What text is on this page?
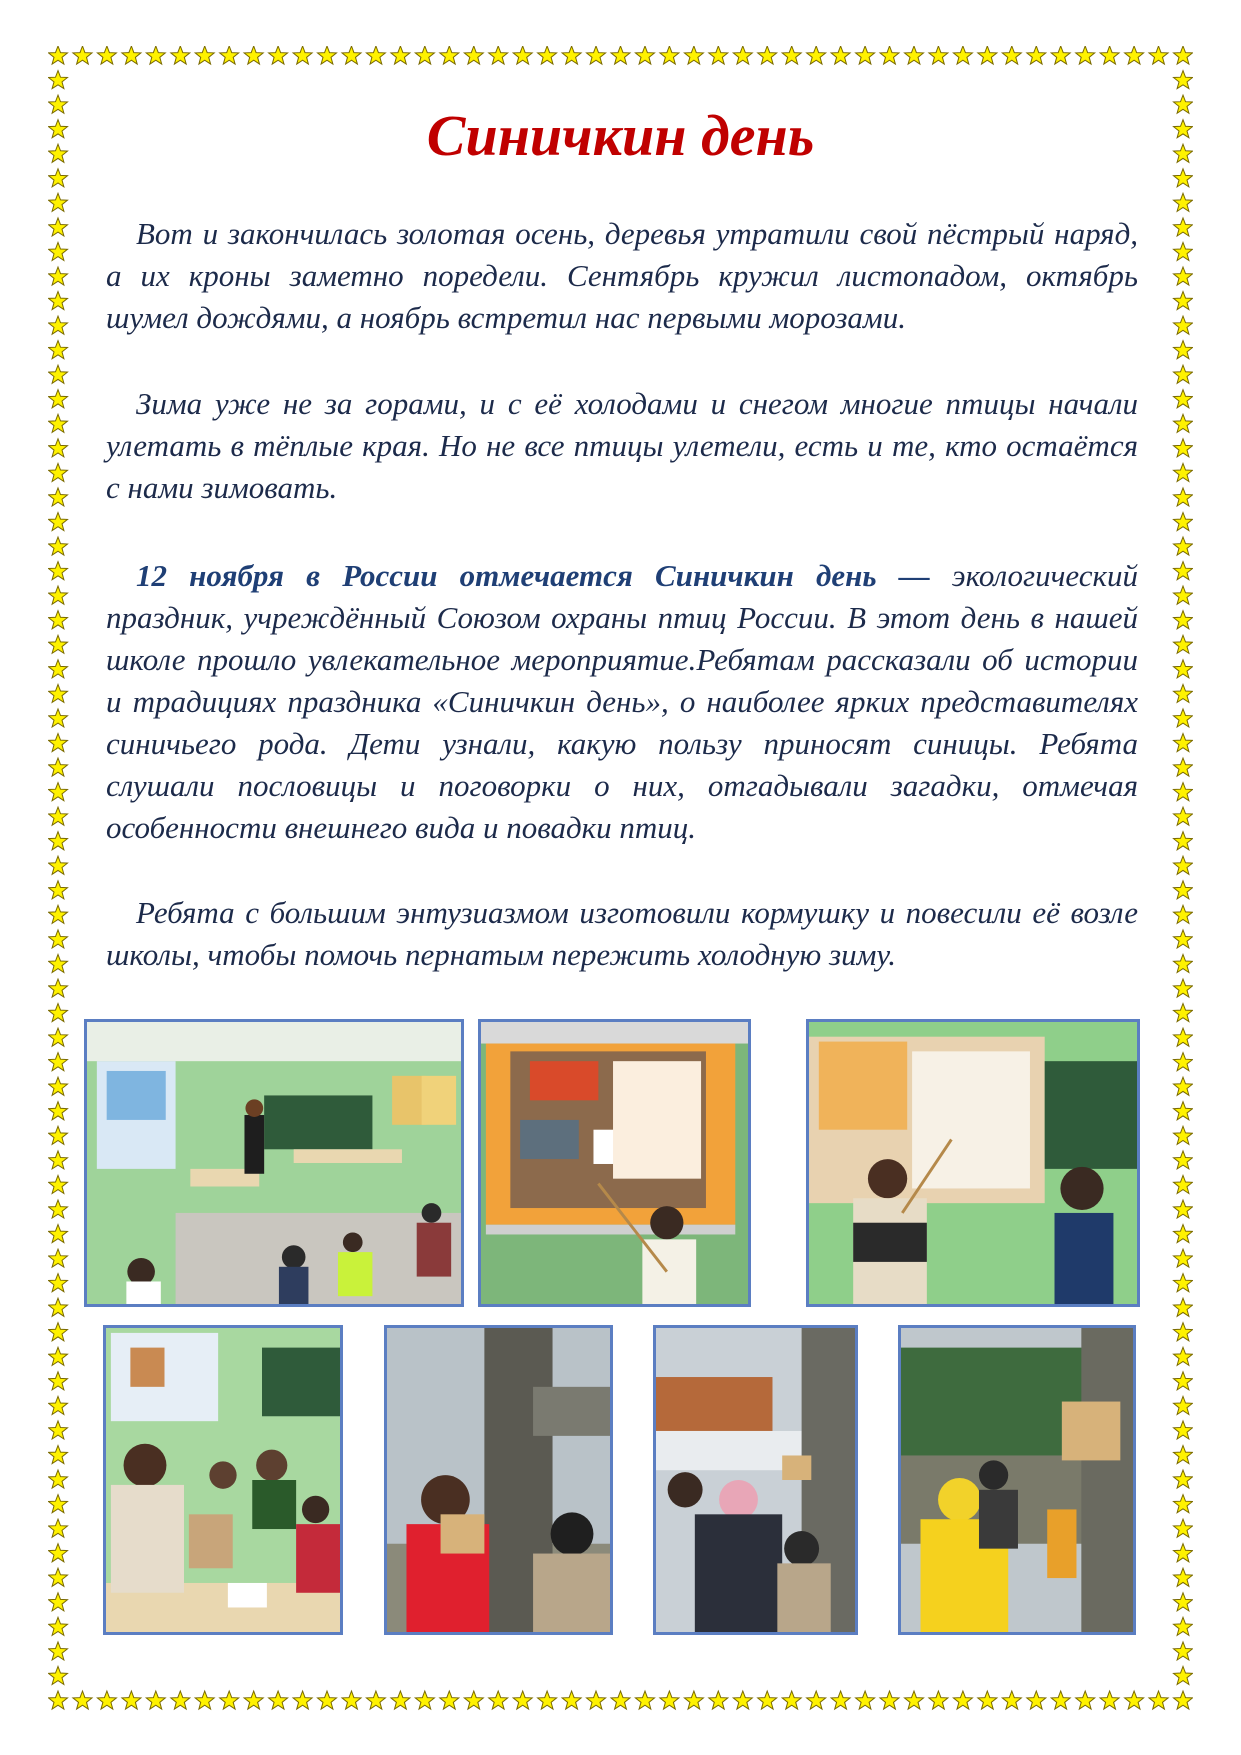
Синичкин день

Вот и закончилась золотая осень, деревья утратили свой пёстрый наряд, а их кроны заметно поредели. Сентябрь кружил листопадом, октябрь шумел дождями, а ноябрь встретил нас первыми морозами.

Зима уже не за горами, и с её холодами и снегом многие птицы начали улетать в тёплые края. Но не все птицы улетели, есть и те, кто остаётся с нами зимовать.

12 ноября в России отмечается Синичкин день — экологический праздник, учреждённый Союзом охраны птиц России. В этот день в нашей школе прошло увлекательное мероприятие.Ребятам рассказали об истории и традициях праздника «Синичкин день», о наиболее ярких представителях синичьего рода. Дети узнали, какую пользу приносят синицы. Ребята слушали пословицы и поговорки о них, отгадывали загадки, отмечая особенности внешнего вида и повадки птиц.

Ребята с большим энтузиазмом изготовили кормушку и повесили её возле школы, чтобы помочь пернатым пережить холодную зиму.
